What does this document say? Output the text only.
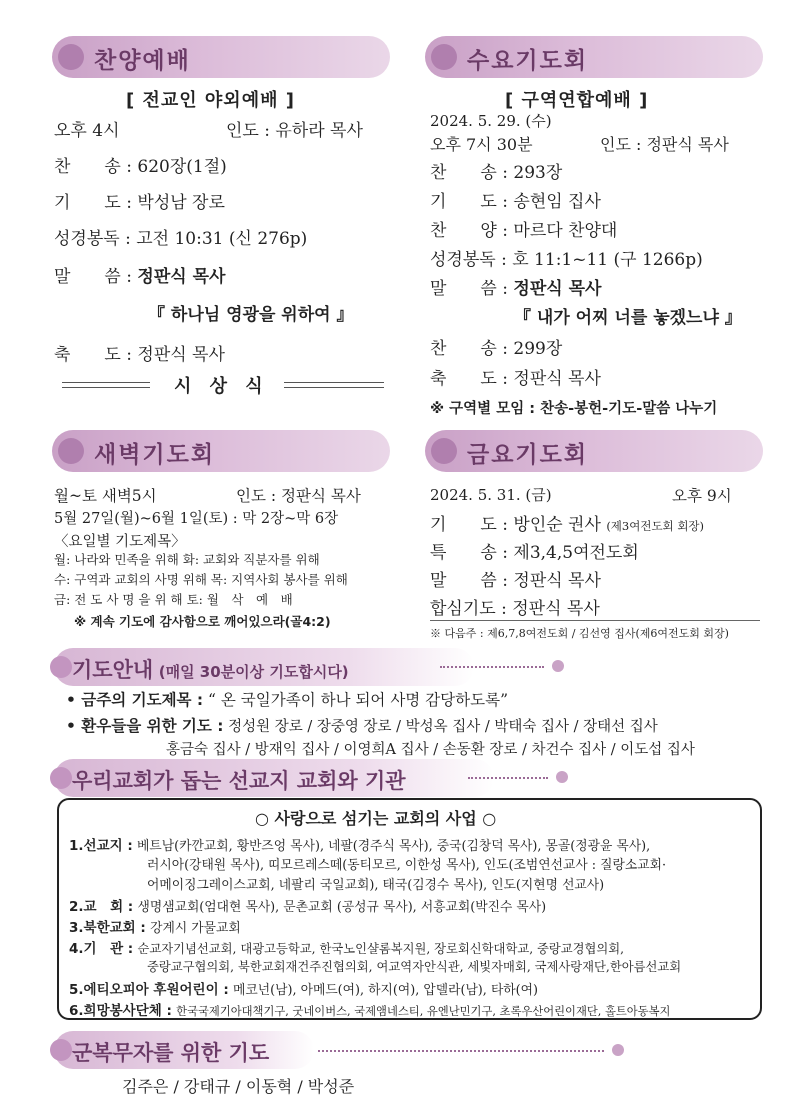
찬양예배
[ 전교인 야외예배 ]
오후 4시	인도 : 유하라 목사
찬　　송 : 620장(1절)
기　　도 : 박성남 장로
성경봉독 : 고전 10:31 (신 276p)
말　　씀 : 정판식 목사
『 하나님 영광을 위하여 』
축　　도 : 정판식 목사
시 상 식
수요기도회
[ 구역연합예배 ]
2024. 5. 29. (수)
오후 7시 30분	인도 : 정판식 목사
찬　　송 : 293장
기　　도 : 송현임 집사
찬　　양 : 마르다 찬양대
성경봉독 : 호 11:1~11 (구 1266p)
말　　씀 : 정판식 목사
『 내가 어찌 너를 놓겠느냐 』
찬　　송 : 299장
축　　도 : 정판식 목사
※ 구역별 모임 : 찬송-봉헌-기도-말씀 나누기
새벽기도회
월~토 새벽5시	인도 : 정판식 목사
5월 27일(월)~6월 1일(토) : 막 2장~막 6장
〈요일별 기도제목〉
월: 나라와 민족을 위해 화: 교회와 직분자를 위해
수: 구역과 교회의 사명 위해 목: 지역사회 봉사를 위해
금: 전 도 사 명 을 위 해 토: 월　삭　예　배
※ 계속 기도에 감사함으로 깨어있으라(골4:2)
금요기도회
2024. 5. 31. (금)	오후 9시
기　　도 : 방인순 권사 (제3여전도회 회장)
특　　송 : 제3,4,5여전도회
말　　씀 : 정판식 목사
합심기도 : 정판식 목사
※ 다음주 : 제6,7,8여전도회 / 김선영 집사(제6여전도회 회장)
기도안내 (매일 30분이상 기도합시다)
• 금주의 기도제목 : “ 온 국일가족이 하나 되어 사명 감당하도록”
• 환우들을 위한 기도 : 정성원 장로 / 장중영 장로 / 박성옥 집사 / 박태숙 집사 / 장태선 집사
홍금숙 집사 / 방재익 집사 / 이영희A 집사 / 손동환 장로 / 차건수 집사 / 이도섭 집사
우리교회가 돕는 선교지 교회와 기관
○ 사랑으로 섬기는 교회의 사업 ○
1.선교지 : 베트남(카깐교회, 황반즈엉 목사), 네팔(경주식 목사), 중국(김창덕 목사), 몽골(정광윤 목사),
러시아(강태원 목사), 띠모르레스떼(동티모르, 이한성 목사), 인도(조범연선교사 : 질랑소교회·
어메이징그레이스교회, 네팔리 국일교회), 태국(김경수 목사), 인도(지현명 선교사)
2.교　회 : 생명샘교회(엄대현 목사), 문촌교회 (공성규 목사), 서흥교회(박진수 목사)
3.북한교회 : 강계시 가물교회
4.기　관 : 순교자기념선교회, 대광고등학교, 한국노인샬롬복지원, 장로회신학대학교, 중랑교경협의회,
중랑교구협의회, 북한교회재건주진협의회, 여교역자안식관, 세빛자매회, 국제사랑재단,한아름선교회
5.에티오피아 후원어린이 : 메코넌(남), 아메드(여), 하지(여), 압델라(남), 타하(여)
6.희망봉사단체 : 한국국제기아대책기구, 굿네이버스, 국제앰네스티, 유엔난민기구, 초록우산어린이재단, 홀트아동복지
군복무자를 위한 기도
김주은 / 강태규 / 이동혁 / 박성준
